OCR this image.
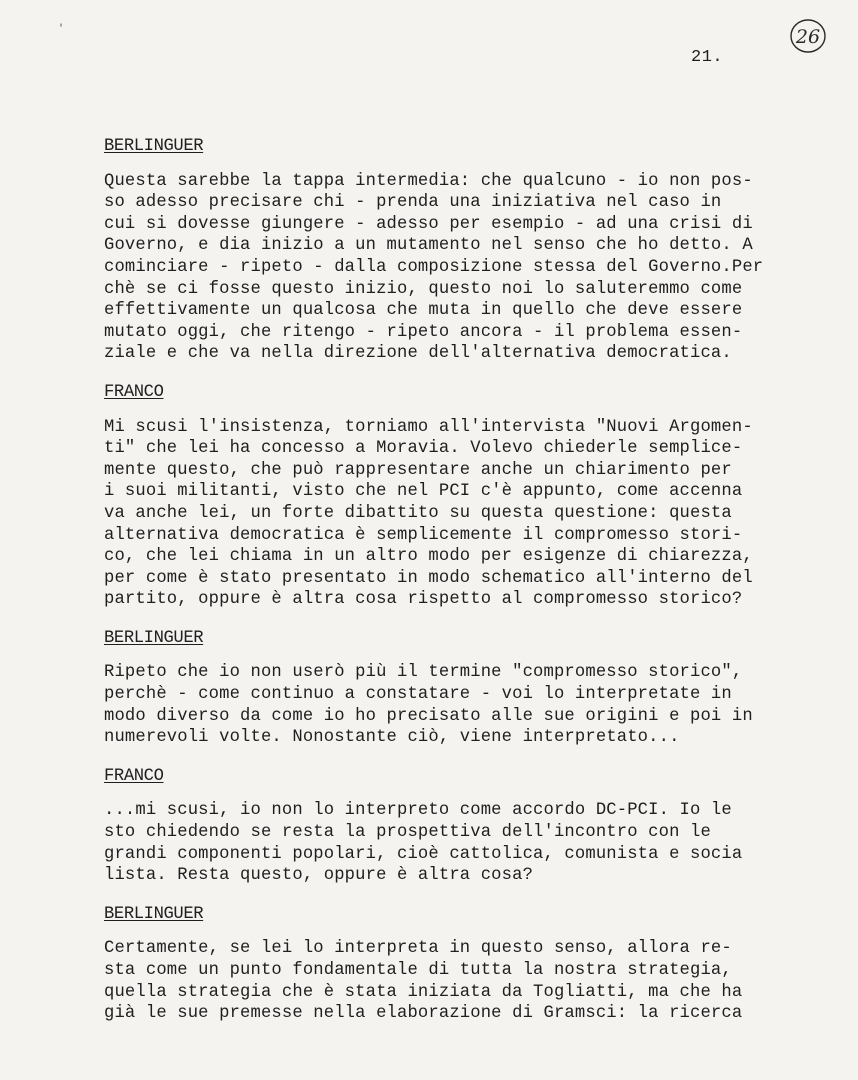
'	26
21.
BERLINGUER

Questa sarebbe la tappa intermedia: che qualcuno - io non pos-
so adesso precisare chi - prenda una iniziativa nel caso in
cui si dovesse giungere - adesso per esempio - ad una crisi di
Governo, e dia inizio a un mutamento nel senso che ho detto. A
cominciare - ripeto - dalla composizione stessa del Governo.Per
chè se ci fosse questo inizio, questo noi lo saluteremmo come
effettivamente un qualcosa che muta in quello che deve essere
mutato oggi, che ritengo - ripeto ancora - il problema essen-
ziale e che va nella direzione dell'alternativa democratica.

FRANCO

Mi scusi l'insistenza, torniamo all'intervista "Nuovi Argomen-
ti" che lei ha concesso a Moravia. Volevo chiederle semplice-
mente questo, che può rappresentare anche un chiarimento per
i suoi militanti, visto che nel PCI c'è appunto, come accenna
va anche lei, un forte dibattito su questa questione: questa
alternativa democratica è semplicemente il compromesso stori-
co, che lei chiama in un altro modo per esigenze di chiarezza,
per come è stato presentato in modo schematico all'interno del
partito, oppure è altra cosa rispetto al compromesso storico?

BERLINGUER

Ripeto che io non userò più il termine "compromesso storico",
perchè - come continuo a constatare - voi lo interpretate in
modo diverso da come io ho precisato alle sue origini e poi in
numerevoli volte. Nonostante ciò, viene interpretato...

FRANCO

...mi scusi, io non lo interpreto come accordo DC-PCI. Io le
sto chiedendo se resta la prospettiva dell'incontro con le
grandi componenti popolari, cioè cattolica, comunista e socia
lista. Resta questo, oppure è altra cosa?

BERLINGUER

Certamente, se lei lo interpreta in questo senso, allora re-
sta come un punto fondamentale di tutta la nostra strategia,
quella strategia che è stata iniziata da Togliatti, ma che ha
già le sue premesse nella elaborazione di Gramsci: la ricerca
